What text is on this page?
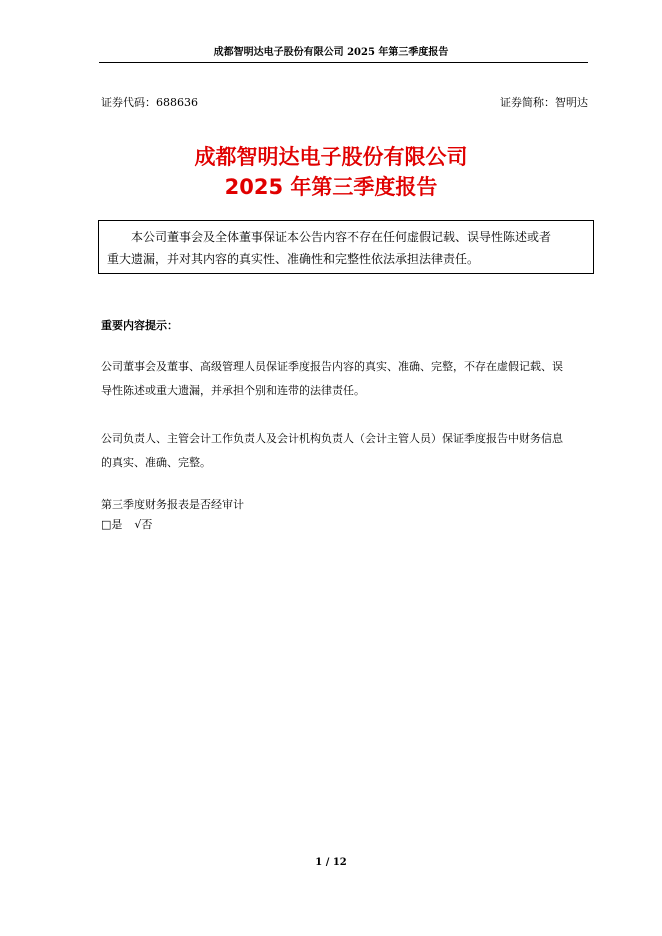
成都智明达电子股份有限公司 2025 年第三季度报告
证券代码：688636	证券简称：智明达
成都智明达电子股份有限公司
2025 年第三季度报告
本公司董事会及全体董事保证本公告内容不存在任何虚假记载、误导性陈述或者
重大遗漏，并对其内容的真实性、准确性和完整性依法承担法律责任。
重要内容提示：
公司董事会及董事、高级管理人员保证季度报告内容的真实、准确、完整，不存在虚假记载、误
导性陈述或重大遗漏，并承担个别和连带的法律责任。
公司负责人、主管会计工作负责人及会计机构负责人（会计主管人员）保证季度报告中财务信息
的真实、准确、完整。
第三季度财务报表是否经审计
□是 √否
1 / 12
